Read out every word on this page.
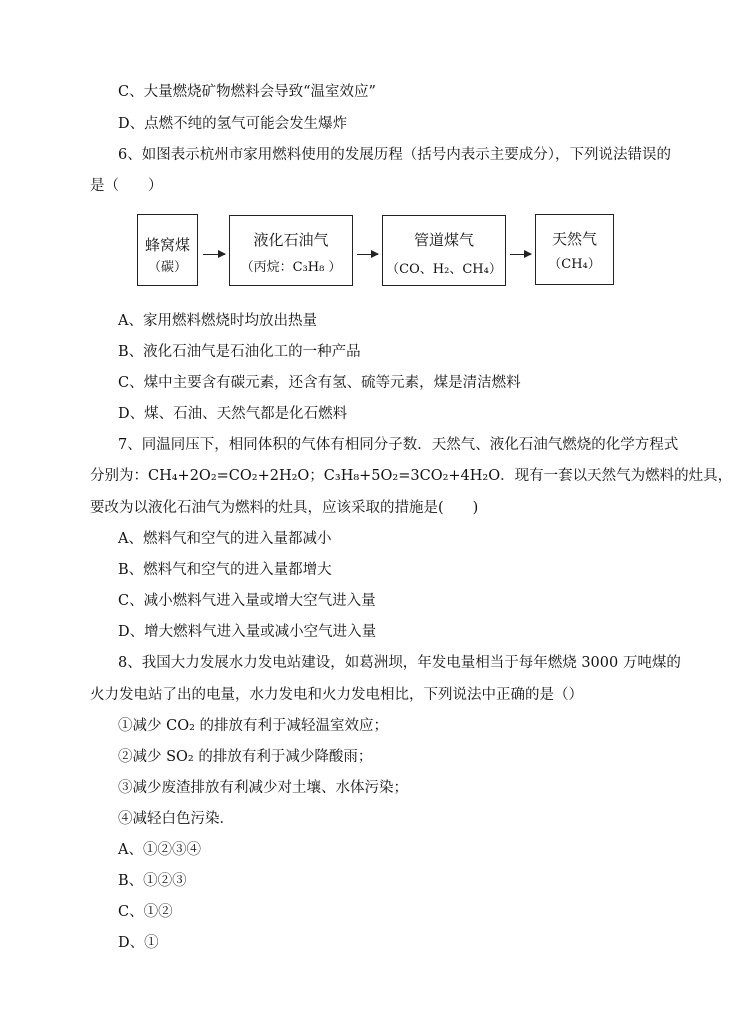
C、大量燃烧矿物燃料会导致“温室效应”
D、点燃不纯的氢气可能会发生爆炸
6、如图表示杭州市家用燃料使用的发展历程（括号内表示主要成分），下列说法错误的
是（　　）
蜂窝煤
（碳）
液化石油气
（丙烷：C₃H₈ ）
管道煤气
（CO、H₂、CH₄）
天然气
（CH₄）
A、家用燃料燃烧时均放出热量
B、液化石油气是石油化工的一种产品
C、煤中主要含有碳元素，还含有氢、硫等元素，煤是清洁燃料
D、煤、石油、天然气都是化石燃料
7、同温同压下，相同体积的气体有相同分子数．天然气、液化石油气燃烧的化学方程式
分别为：CH₄+2O₂=CO₂+2H₂O；C₃H₈+5O₂=3CO₂+4H₂O．现有一套以天然气为燃料的灶具，
要改为以液化石油气为燃料的灶具，应该采取的措施是(　　)
A、燃料气和空气的进入量都减小
B、燃料气和空气的进入量都增大
C、减小燃料气进入量或增大空气进入量
D、增大燃料气进入量或减小空气进入量
8、我国大力发展水力发电站建设，如葛洲坝，年发电量相当于每年燃烧 3000 万吨煤的
火力发电站了出的电量，水力发电和火力发电相比，下列说法中正确的是（）
①减少 CO₂ 的排放有利于减轻温室效应；
②减少 SO₂ 的排放有利于减少降酸雨；
③减少废渣排放有利减少对土壤、水体污染；
④减轻白色污染．
A、①②③④
B、①②③
C、①②
D、①
